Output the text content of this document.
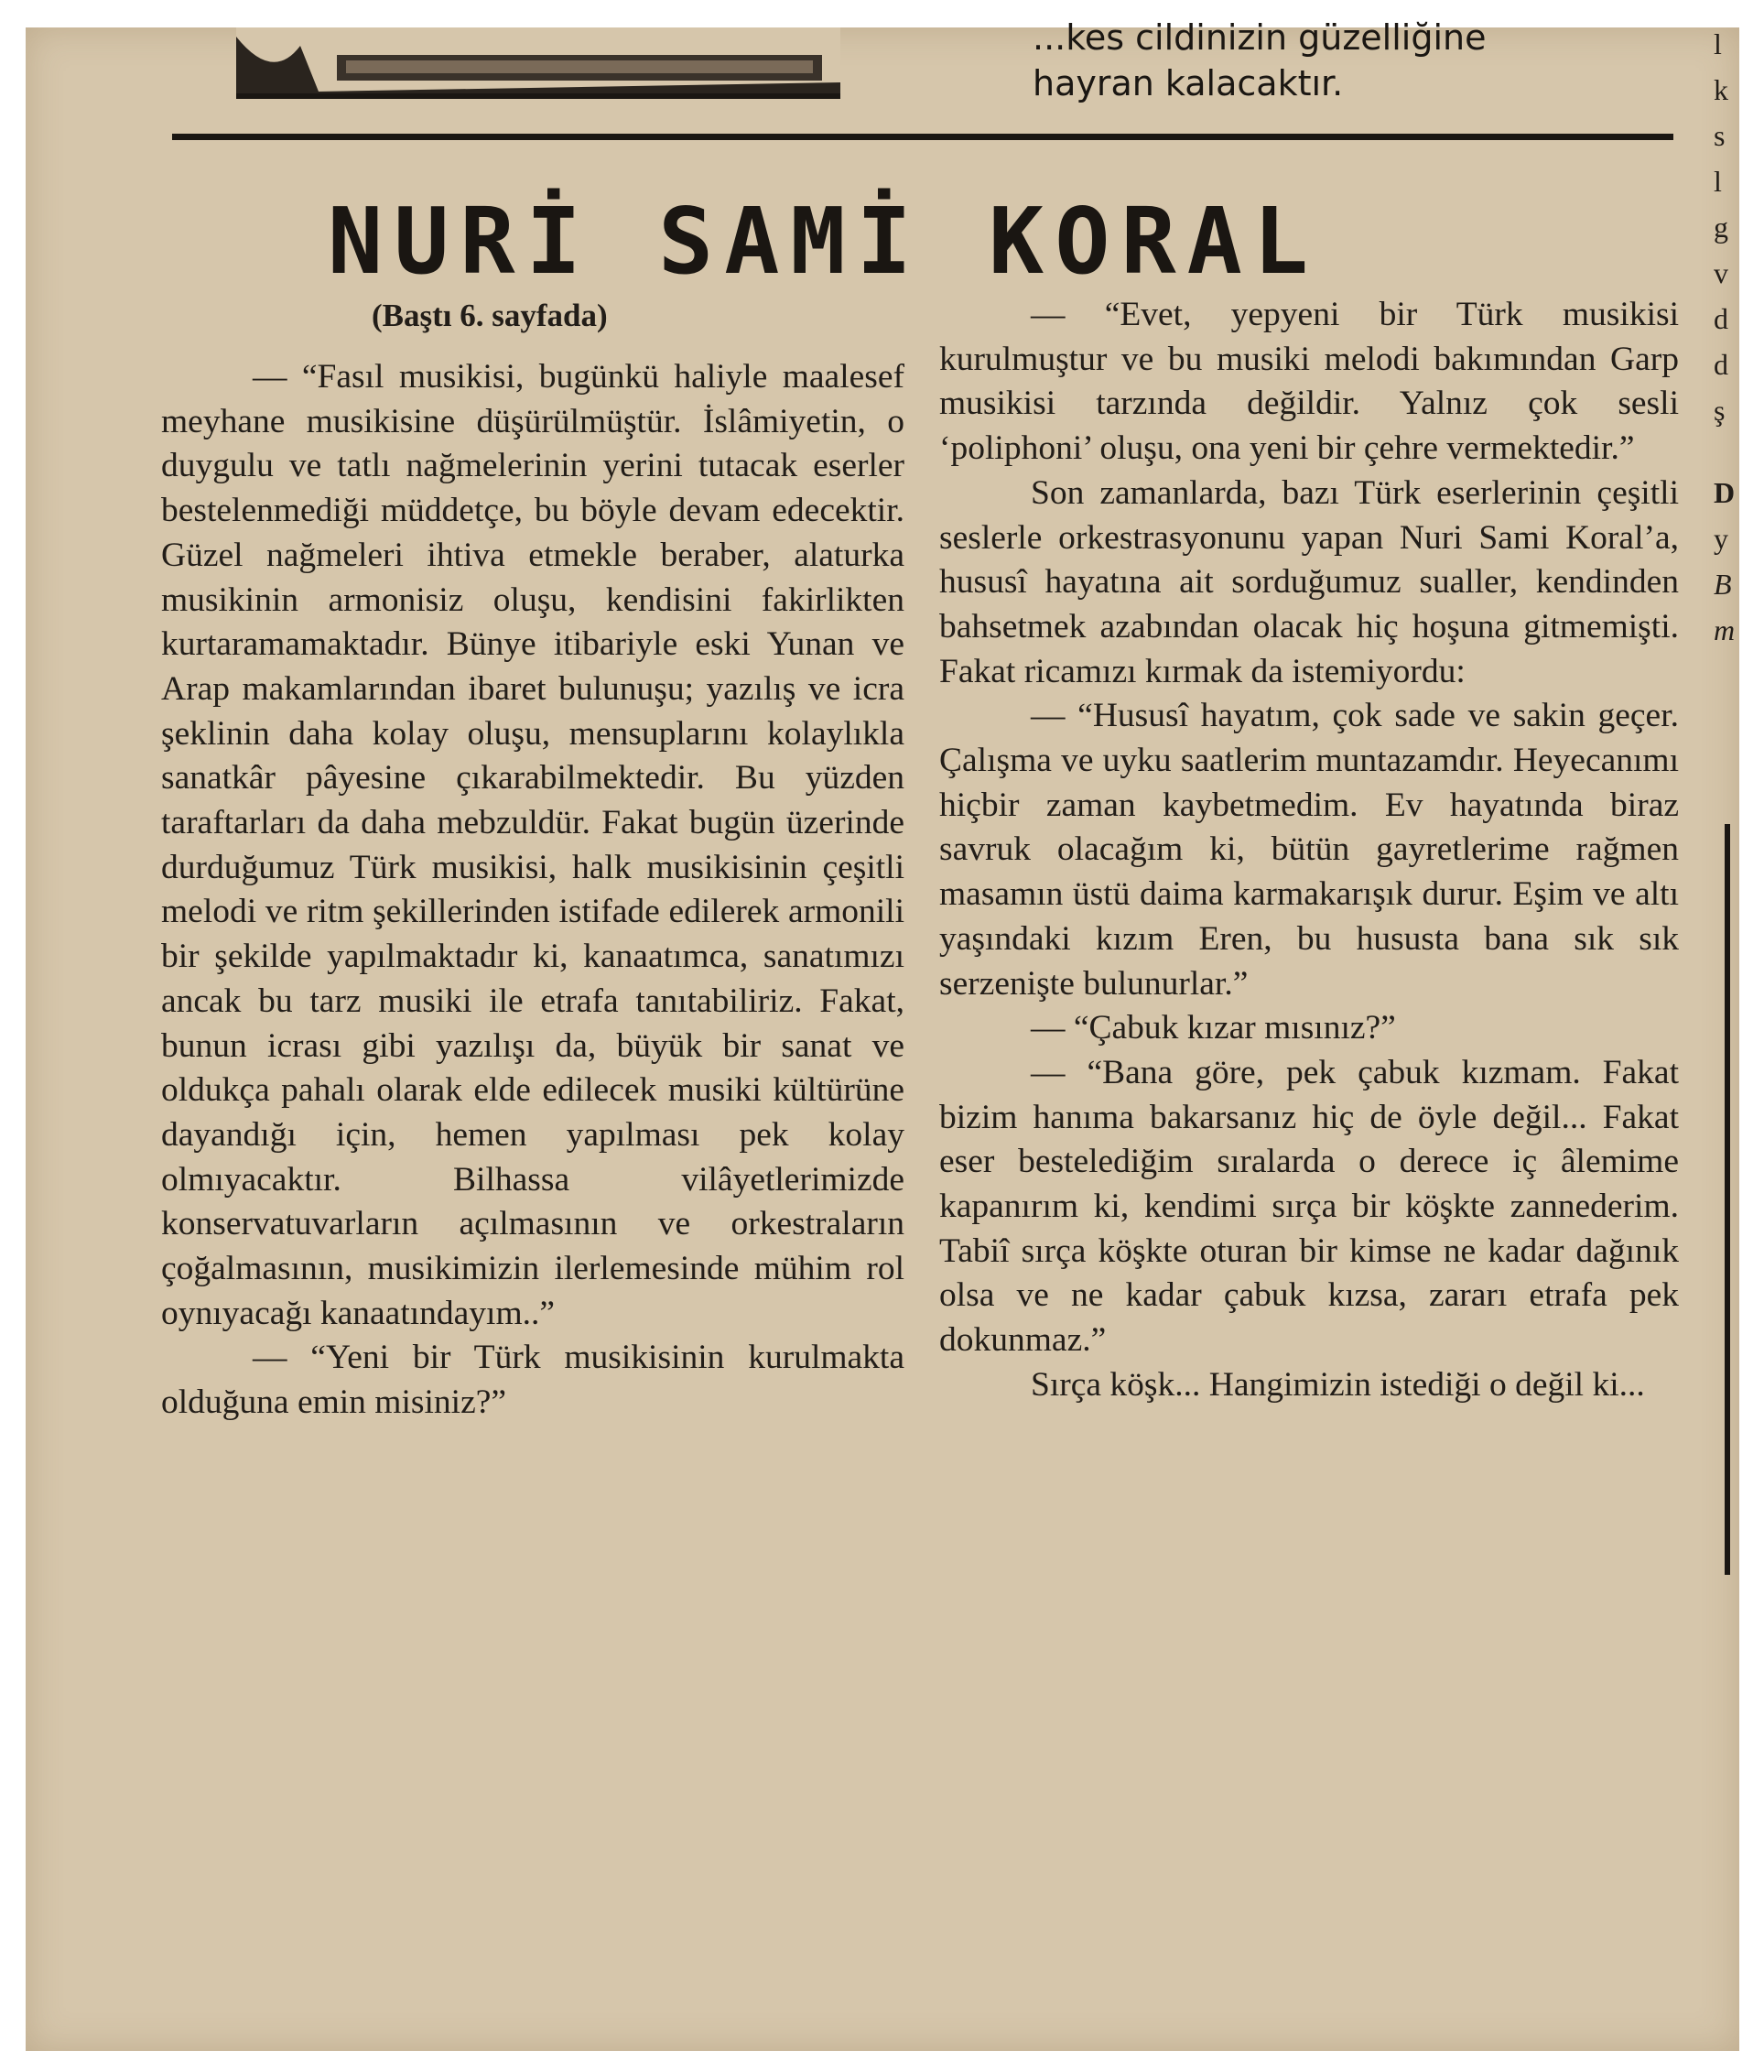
...kes cildinizin güzelliğine
hayran kalacaktır.
NURİ SAMİ KORAL
(Baştı 6. sayfada)

— “Fasıl musikisi, bugünkü haliyle maalesef meyhane musikisine düşürülmüştür. İslâmiyetin, o duygulu ve tatlı nağmelerinin yerini tutacak eserler bestelenmediği müddetçe, bu böyle devam edecektir. Güzel nağmeleri ihtiva etmekle beraber, alaturka musikinin armonisiz oluşu, kendisini fakirlikten kurtaramamaktadır. Bünye itibariyle eski Yunan ve Arap makamlarından ibaret bulunuşu; yazılış ve icra şeklinin daha kolay oluşu, mensuplarını kolaylıkla sanatkâr pâyesine çıkarabilmektedir. Bu yüzden taraftarları da daha mebzuldür. Fakat bugün üzerinde durduğumuz Türk musikisi, halk musikisinin çeşitli melodi ve ritm şekillerinden istifade edilerek armonili bir şekilde yapılmaktadır ki, kanaatımca, sanatımızı ancak bu tarz musiki ile etrafa tanıtabiliriz. Fakat, bunun icrası gibi yazılışı da, büyük bir sanat ve oldukça pahalı olarak elde edilecek musiki kültürüne dayandığı için, hemen yapılması pek kolay olmıyacaktır. Bilhassa vilâyetlerimizde konservatuvarların açılmasının ve orkestraların çoğalmasının, musikimizin ilerlemesinde mühim rol oynıyacağı kanaatındayım..”

— “Yeni bir Türk musikisinin kurulmakta olduğuna emin misiniz?”

— “Evet, yepyeni bir Türk musikisi kurulmuştur ve bu musiki melodi bakımından Garp musikisi tarzında değildir. Yalnız çok sesli ‘poliphoni’ oluşu, ona yeni bir çehre vermektedir.”

Son zamanlarda, bazı Türk eserlerinin çeşitli seslerle orkestrasyonunu yapan Nuri Sami Koral’a, hususî hayatına ait sorduğumuz sualler, kendinden bahsetmek azabından olacak hiç hoşuna gitmemişti. Fakat ricamızı kırmak da istemiyordu:

— “Hususî hayatım, çok sade ve sakin geçer. Çalışma ve uyku saatlerim muntazamdır. Heyecanımı hiçbir zaman kaybetmedim. Ev hayatında biraz savruk olacağım ki, bütün gayretlerime rağmen masamın üstü daima karmakarışık durur. Eşim ve altı yaşındaki kızım Eren, bu hususta bana sık sık serzenişte bulunurlar.”

— “Çabuk kızar mısınız?”

— “Bana göre, pek çabuk kızmam. Fakat bizim hanıma bakarsanız hiç de öyle değil... Fakat eser bestelediğim sıralarda o derece iç âlemime kapanırım ki, kendimi sırça bir köşkte zannederim. Tabiî sırça köşkte oturan bir kimse ne kadar dağınık olsa ve ne kadar çabuk kızsa, zararı etrafa pek dokunmaz.”

Sırça köşk... Hangimizin istediği o değil ki...

l
k
s
l
g
v
d
d
ş
D
y
B
m
